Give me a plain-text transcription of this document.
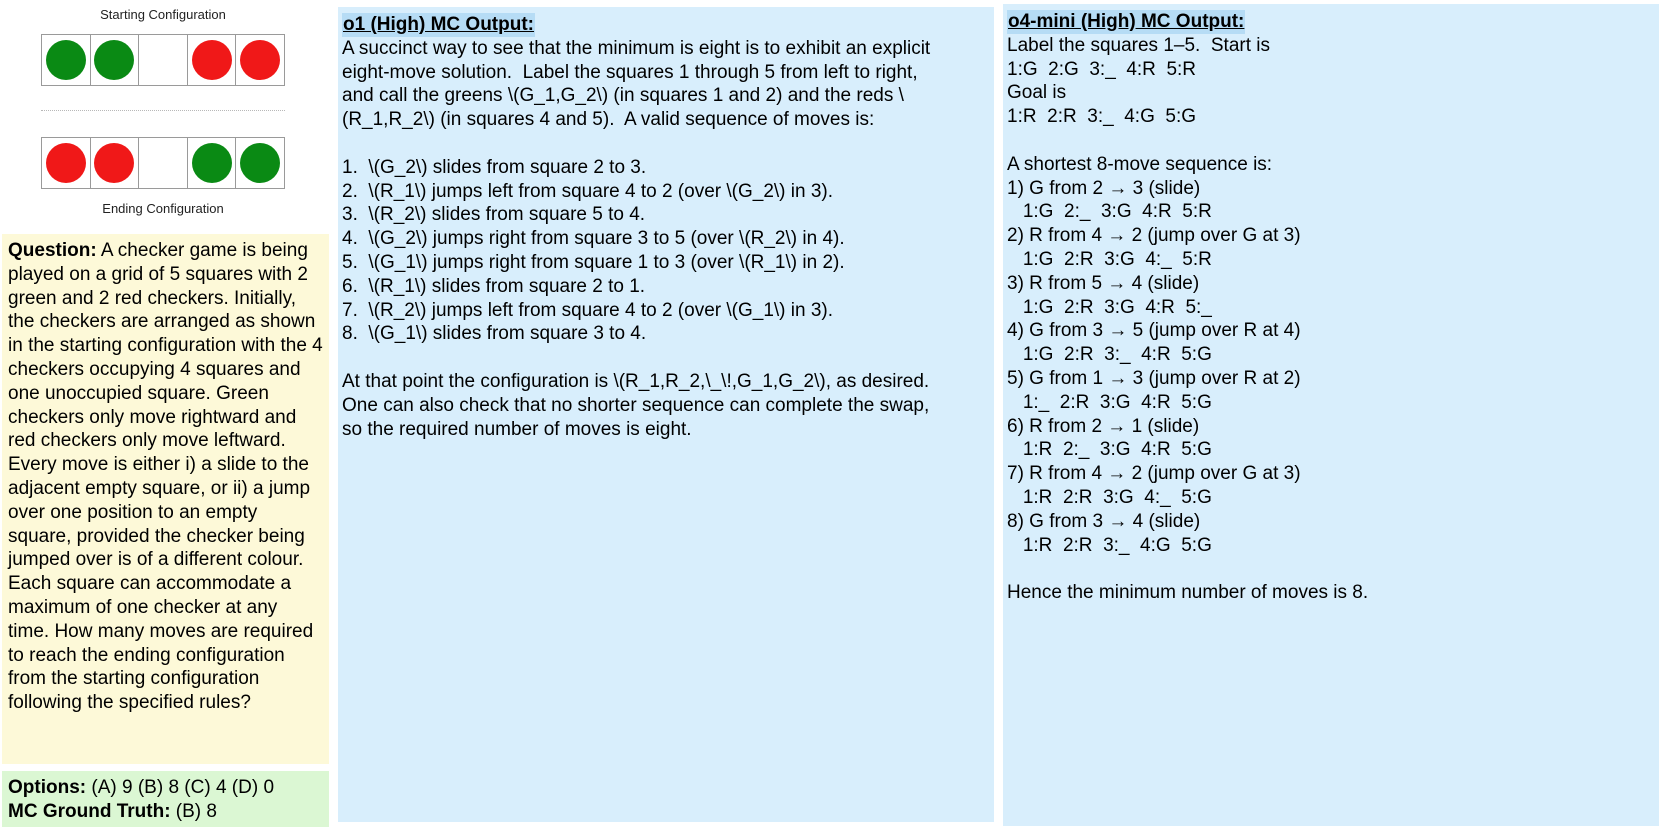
Starting Configuration
Ending Configuration
Question: A checker game is being played on a grid of 5 squares with 2 green and 2 red checkers. Initially, the checkers are arranged as shown in the starting configuration with the 4 checkers occupying 4 squares and one unoccupied square. Green checkers only move rightward and red checkers only move leftward. Every move is either i) a slide to the adjacent empty square, or ii) a jump over one position to an empty square, provided the checker being jumped over is of a different colour. Each square can accommodate a maximum of one checker at any time. How many moves are required to reach the ending configuration from the starting configuration following the specified rules?
Options: (A) 9 (B) 8 (C) 4 (D) 0
MC Ground Truth: (B) 8
o1 (High) MC Output:
A succinct way to see that the minimum is eight is to exhibit an explicit
eight-move solution.  Label the squares 1 through 5 from left to right,
and call the greens \(G_1,G_2\) (in squares 1 and 2) and the reds \
(R_1,R_2\) (in squares 4 and 5).  A valid sequence of moves is:
1.  \(G_2\) slides from square 2 to 3.
2.  \(R_1\) jumps left from square 4 to 2 (over \(G_2\) in 3).
3.  \(R_2\) slides from square 5 to 4.
4.  \(G_2\) jumps right from square 3 to 5 (over \(R_2\) in 4).
5.  \(G_1\) jumps right from square 1 to 3 (over \(R_1\) in 2).
6.  \(R_1\) slides from square 2 to 1.
7.  \(R_2\) jumps left from square 4 to 2 (over \(G_1\) in 3).
8.  \(G_1\) slides from square 3 to 4.
At that point the configuration is \(R_1,R_2,\_\!,G_1,G_2\), as desired.
One can also check that no shorter sequence can complete the swap,
so the required number of moves is eight.
o4-mini (High) MC Output:
Label the squares 1–5.  Start is
1:G  2:G  3:_  4:R  5:R
Goal is
1:R  2:R  3:_  4:G  5:G
A shortest 8-move sequence is:
1) G from 2 → 3 (slide)
1:G  2:_  3:G  4:R  5:R
2) R from 4 → 2 (jump over G at 3)
1:G  2:R  3:G  4:_  5:R
3) R from 5 → 4 (slide)
1:G  2:R  3:G  4:R  5:_
4) G from 3 → 5 (jump over R at 4)
1:G  2:R  3:_  4:R  5:G
5) G from 1 → 3 (jump over R at 2)
1:_  2:R  3:G  4:R  5:G
6) R from 2 → 1 (slide)
1:R  2:_  3:G  4:R  5:G
7) R from 4 → 2 (jump over G at 3)
1:R  2:R  3:G  4:_  5:G
8) G from 3 → 4 (slide)
1:R  2:R  3:_  4:G  5:G
Hence the minimum number of moves is 8.
